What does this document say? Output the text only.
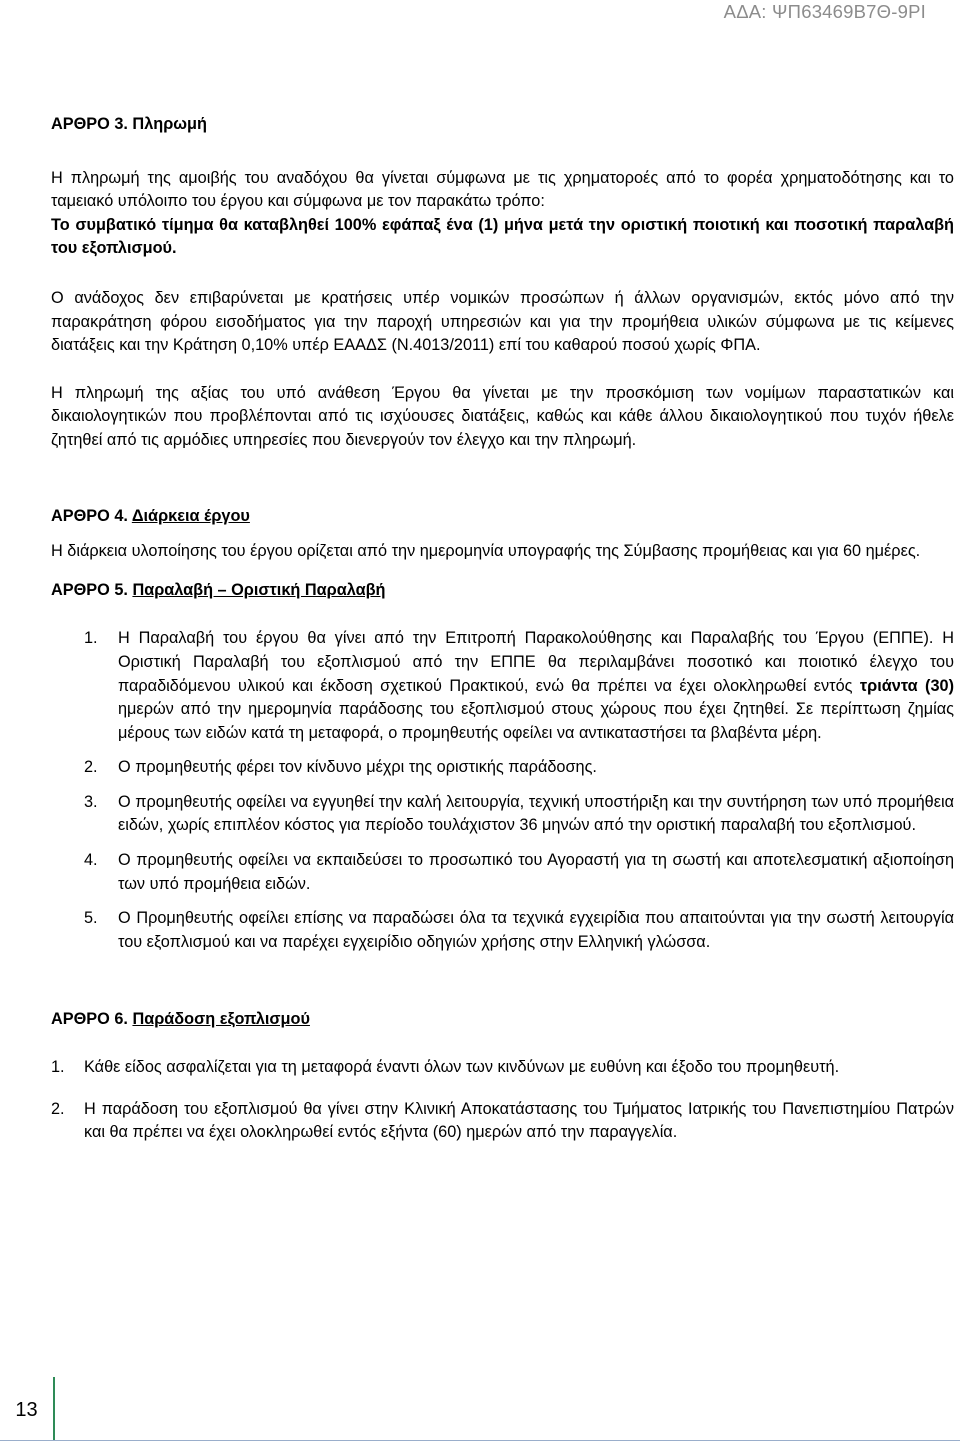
ΑΔΑ: ΨΠ63469Β7Θ-9ΡΙ

ΑΡΘΡΟ 3. Πληρωμή

Η πληρωμή της αμοιβής του αναδόχου θα γίνεται σύμφωνα με τις χρηματοροές από το φορέα χρηματοδότησης και το ταμειακό υπόλοιπο του έργου και σύμφωνα με τον παρακάτω τρόπο:

Το συμβατικό τίμημα θα καταβληθεί 100% εφάπαξ ένα (1) μήνα μετά την οριστική ποιοτική και ποσοτική παραλαβή του εξοπλισμού.

Ο ανάδοχος δεν επιβαρύνεται με κρατήσεις υπέρ νομικών προσώπων ή άλλων οργανισμών, εκτός μόνο από την παρακράτηση φόρου εισοδήματος για την παροχή υπηρεσιών και για την προμήθεια υλικών σύμφωνα με τις κείμενες διατάξεις και την Κράτηση 0,10% υπέρ ΕΑΑΔΣ (Ν.4013/2011) επί του καθαρού ποσού χωρίς ΦΠΑ.

Η πληρωμή της αξίας του υπό ανάθεση Έργου θα γίνεται με την προσκόμιση των νομίμων παραστατικών και δικαιολογητικών που προβλέπονται από τις ισχύουσες διατάξεις, καθώς και κάθε άλλου δικαιολογητικού που τυχόν ήθελε ζητηθεί από τις αρμόδιες υπηρεσίες που διενεργούν τον έλεγχο και την πληρωμή.

ΑΡΘΡΟ 4. Διάρκεια έργου

Η διάρκεια υλοποίησης του έργου ορίζεται από την ημερομηνία υπογραφής της Σύμβασης προμήθειας και για 60 ημέρες.

ΑΡΘΡΟ 5. Παραλαβή – Οριστική Παραλαβή

1. Η Παραλαβή του έργου θα γίνει από την Επιτροπή Παρακολούθησης και Παραλαβής του Έργου (ΕΠΠΕ). Η Οριστική Παραλαβή του εξοπλισμού από την ΕΠΠΕ θα περιλαμβάνει ποσοτικό και ποιοτικό έλεγχο του παραδιδόμενου υλικού και έκδοση σχετικού Πρακτικού, ενώ θα πρέπει να έχει ολοκληρωθεί εντός τριάντα (30) ημερών από την ημερομηνία παράδοσης του εξοπλισμού στους χώρους που έχει ζητηθεί. Σε περίπτωση ζημίας μέρους των ειδών κατά τη μεταφορά, ο προμηθευτής οφείλει να αντικαταστήσει τα βλαβέντα μέρη.

2. Ο προμηθευτής φέρει τον κίνδυνο μέχρι της οριστικής παράδοσης.

3. Ο προμηθευτής οφείλει να εγγυηθεί την καλή λειτουργία, τεχνική υποστήριξη και την συντήρηση των υπό προμήθεια ειδών, χωρίς επιπλέον κόστος για περίοδο τουλάχιστον 36 μηνών από την οριστική παραλαβή του εξοπλισμού.

4. Ο προμηθευτής οφείλει να εκπαιδεύσει το προσωπικό του Αγοραστή για τη σωστή και αποτελεσματική αξιοποίηση των υπό προμήθεια ειδών.

5. Ο Προμηθευτής οφείλει επίσης να παραδώσει όλα τα τεχνικά εγχειρίδια που απαιτούνται για την σωστή λειτουργία του εξοπλισμού και να παρέχει εγχειρίδιο οδηγιών χρήσης στην Ελληνική γλώσσα.

ΑΡΘΡΟ 6. Παράδοση εξοπλισμού

1. Κάθε είδος ασφαλίζεται για τη μεταφορά έναντι όλων των κινδύνων με ευθύνη και έξοδο του προμηθευτή.

2. Η παράδοση του εξοπλισμού θα γίνει στην Κλινική Αποκατάστασης του Τμήματος Ιατρικής του Πανεπιστημίου Πατρών και θα πρέπει να έχει ολοκληρωθεί εντός εξήντα (60) ημερών από την παραγγελία.

13
